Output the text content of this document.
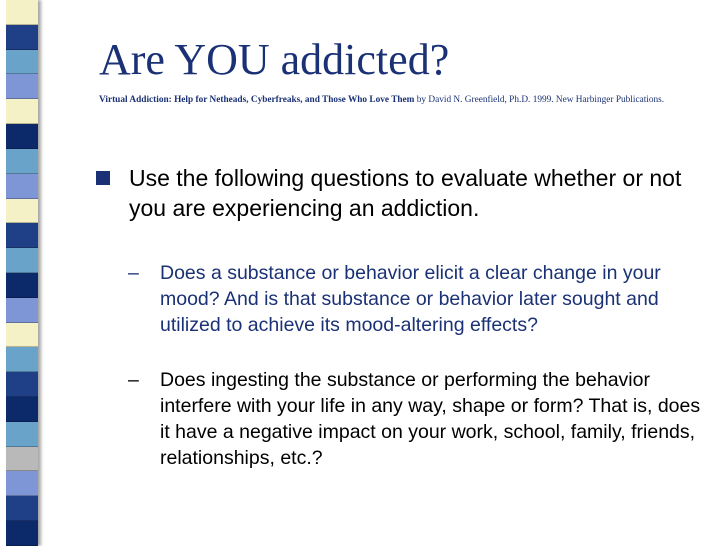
Are YOU addicted?
Virtual Addiction: Help for Netheads, Cyberfreaks, and Those Who Love Them by David N. Greenfield, Ph.D. 1999. New Harbinger Publications.
Use the following questions to evaluate whether or not you are experiencing an addiction.
– Does a substance or behavior elicit a clear change in your mood? And is that substance or behavior later sought and utilized to achieve its mood-altering effects?
– Does ingesting the substance or performing the behavior interfere with your life in any way, shape or form? That is, does it have a negative impact on your work, school, family, friends, relationships, etc.?
